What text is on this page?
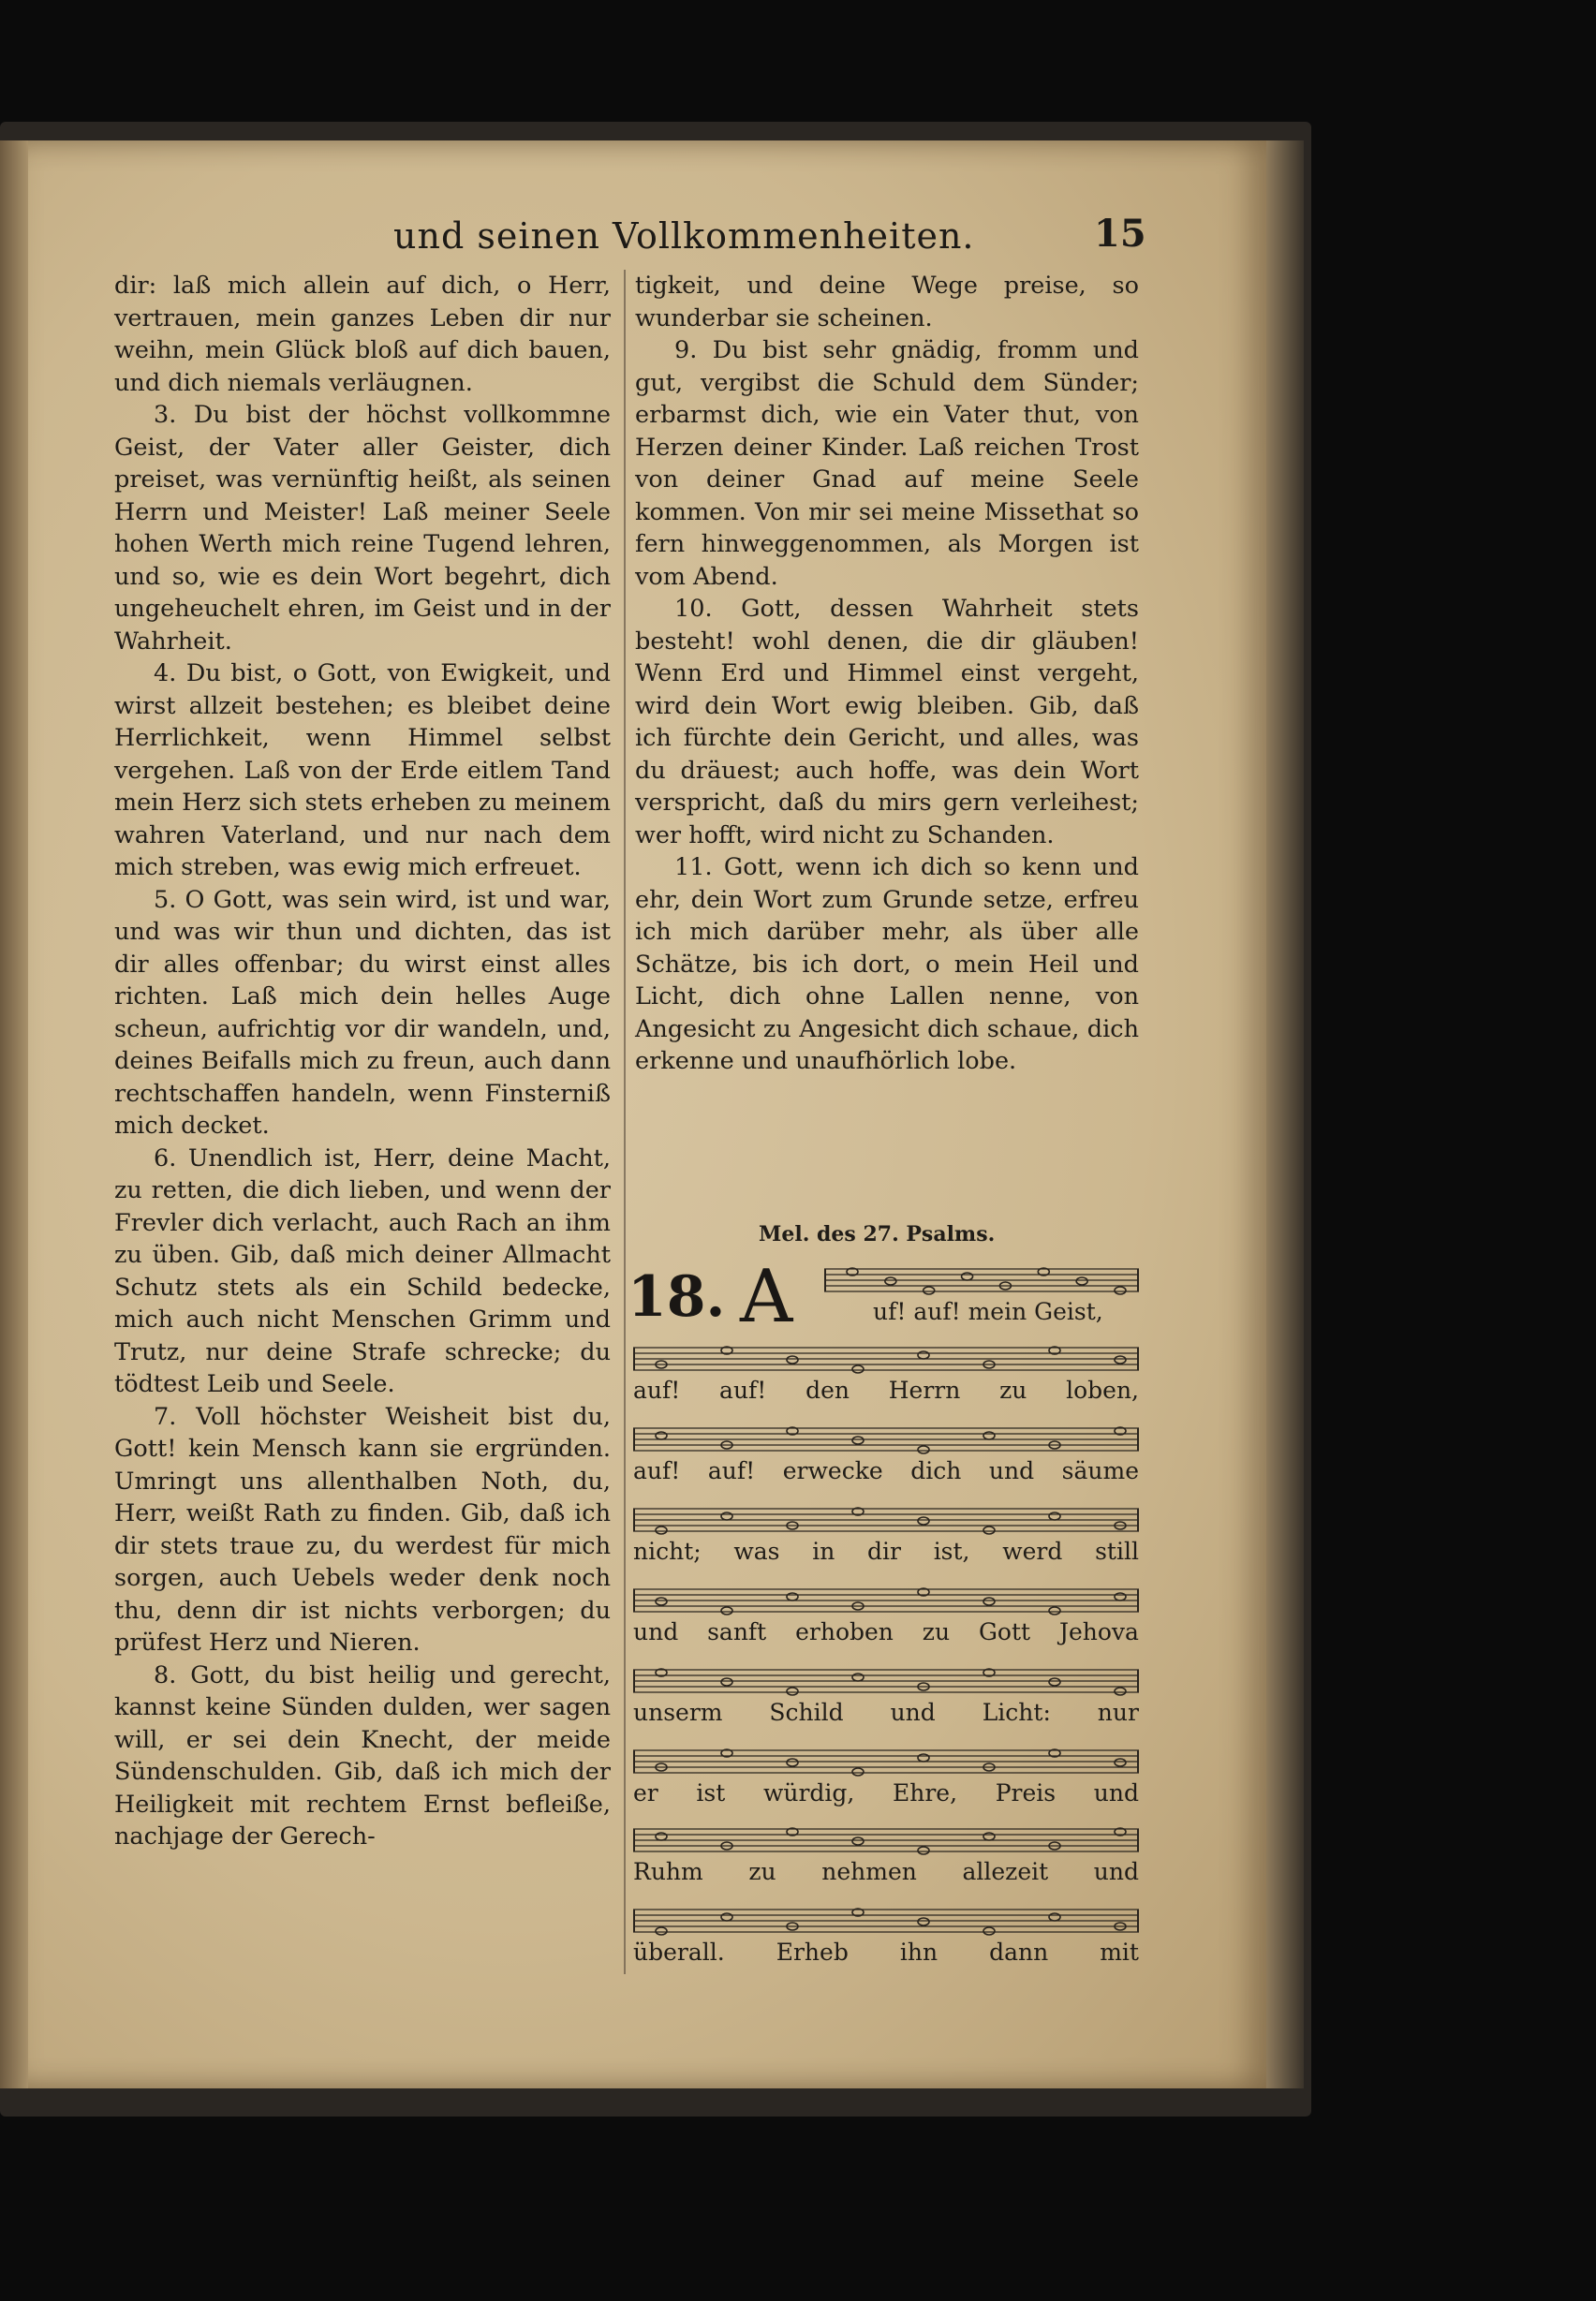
und seinen Vollkommenheiten.	15

dir: laß mich allein auf dich, o Herr, vertrauen, mein ganzes Leben dir nur weihn, mein Glück bloß auf dich bauen, und dich niemals verläugnen.

3. Du bist der höchst vollkommne Geist, der Vater aller Geister, dich preiset, was vernünftig heißt, als seinen Herrn und Meister! Laß meiner Seele hohen Werth mich reine Tugend lehren, und so, wie es dein Wort begehrt, dich ungeheuchelt ehren, im Geist und in der Wahrheit.

4. Du bist, o Gott, von Ewigkeit, und wirst allzeit bestehen; es bleibet deine Herrlichkeit, wenn Himmel selbst vergehen. Laß von der Erde eitlem Tand mein Herz sich stets erheben zu meinem wahren Vaterland, und nur nach dem mich streben, was ewig mich erfreuet.

5. O Gott, was sein wird, ist und war, und was wir thun und dichten, das ist dir alles offenbar; du wirst einst alles richten. Laß mich dein helles Auge scheun, aufrichtig vor dir wandeln, und, deines Beifalls mich zu freun, auch dann rechtschaffen handeln, wenn Finsterniß mich decket.

6. Unendlich ist, Herr, deine Macht, zu retten, die dich lieben, und wenn der Frevler dich verlacht, auch Rach an ihm zu üben. Gib, daß mich deiner Allmacht Schutz stets als ein Schild bedecke, mich auch nicht Menschen Grimm und Trutz, nur deine Strafe schrecke; du tödtest Leib und Seele.

7. Voll höchster Weisheit bist du, Gott! kein Mensch kann sie ergründen. Umringt uns allenthalben Noth, du, Herr, weißt Rath zu finden. Gib, daß ich dir stets traue zu, du werdest für mich sorgen, auch Uebels weder denk noch thu, denn dir ist nichts verborgen; du prüfest Herz und Nieren.

8. Gott, du bist heilig und gerecht, kannst keine Sünden dulden, wer sagen will, er sei dein Knecht, der meide Sündenschulden. Gib, daß ich mich der Heiligkeit mit rechtem Ernst befleiße, nachjage der Gerech-

tigkeit, und deine Wege preise, so wunderbar sie scheinen.

9. Du bist sehr gnädig, fromm und gut, vergibst die Schuld dem Sünder; erbarmst dich, wie ein Vater thut, von Herzen deiner Kinder. Laß reichen Trost von deiner Gnad auf meine Seele kommen. Von mir sei meine Missethat so fern hinweggenommen, als Morgen ist vom Abend.

10. Gott, dessen Wahrheit stets besteht! wohl denen, die dir gläuben! Wenn Erd und Himmel einst vergeht, wird dein Wort ewig bleiben. Gib, daß ich fürchte dein Gericht, und alles, was du dräuest; auch hoffe, was dein Wort verspricht, daß du mirs gern verleihest; wer hofft, wird nicht zu Schanden.

11. Gott, wenn ich dich so kenn und ehr, dein Wort zum Grunde setze, erfreu ich mich darüber mehr, als über alle Schätze, bis ich dort, o mein Heil und Licht, dich ohne Lallen nenne, von Angesicht zu Angesicht dich schaue, dich erkenne und unaufhörlich lobe.

Mel. des 27. Psalms.
18. A	uf! auf! mein Geist,
auf! auf! den Herrn zu loben,
auf! auf! erwecke dich und säume
nicht; was in dir ist, werd still
und sanft erhoben zu Gott Jehova
unserm Schild und Licht: nur
er ist würdig, Ehre, Preis und
Ruhm zu nehmen allezeit und
überall. Erheb ihn dann mit
